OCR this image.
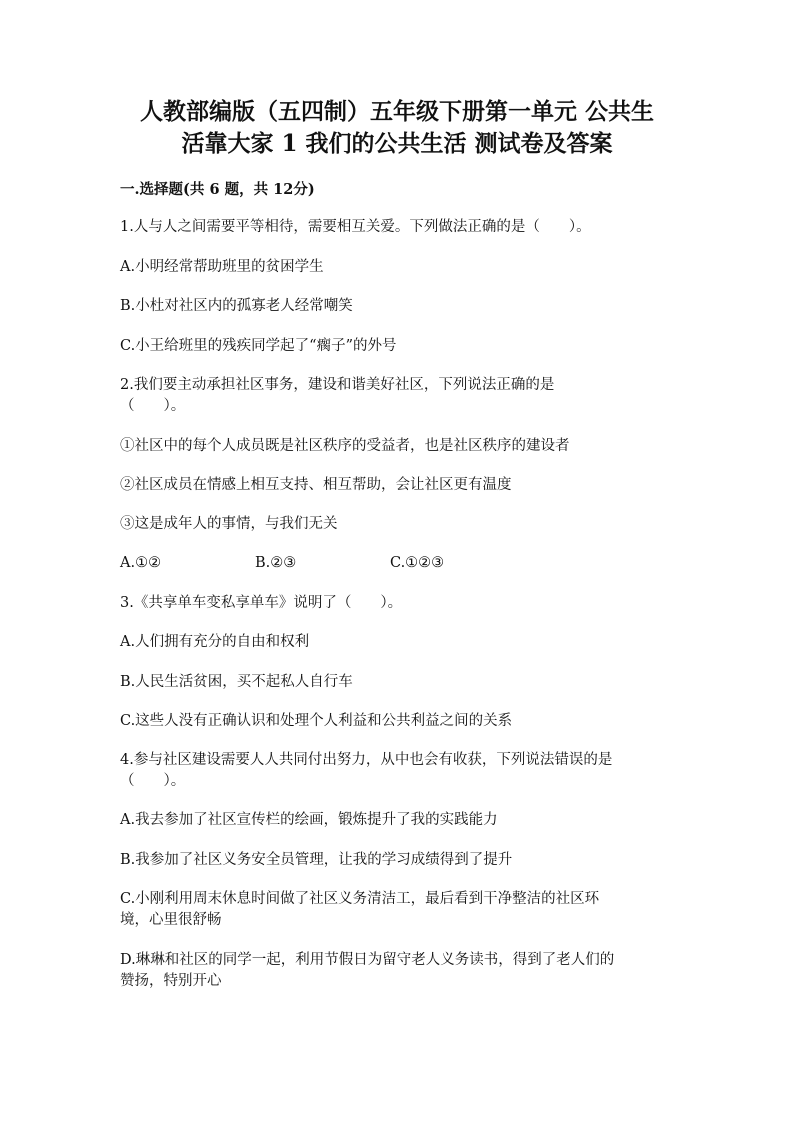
人教部编版（五四制）五年级下册第一单元 公共生
活靠大家 1 我们的公共生活 测试卷及答案

一.选择题(共 6 题，共 12分)

1.人与人之间需要平等相待，需要相互关爱。下列做法正确的是（　　）。

A.小明经常帮助班里的贫困学生

B.小杜对社区内的孤寡老人经常嘲笑

C.小王给班里的残疾同学起了“瘸子”的外号

2.我们要主动承担社区事务，建设和谐美好社区，下列说法正确的是

（　　）。

①社区中的每个人成员既是社区秩序的受益者，也是社区秩序的建设者

②社区成员在情感上相互支持、相互帮助，会让社区更有温度

③这是成年人的事情，与我们无关

A.①②	B.②③	C.①②③

3.《共享单车变私享单车》说明了（　　）。

A.人们拥有充分的自由和权利

B.人民生活贫困，买不起私人自行车

C.这些人没有正确认识和处理个人利益和公共利益之间的关系

4.参与社区建设需要人人共同付出努力，从中也会有收获，下列说法错误的是

（　　）。

A.我去参加了社区宣传栏的绘画，锻炼提升了我的实践能力

B.我参加了社区义务安全员管理，让我的学习成绩得到了提升

C.小刚利用周末休息时间做了社区义务清洁工，最后看到干净整洁的社区环

境，心里很舒畅

D.琳琳和社区的同学一起，利用节假日为留守老人义务读书，得到了老人们的

赞扬，特别开心
